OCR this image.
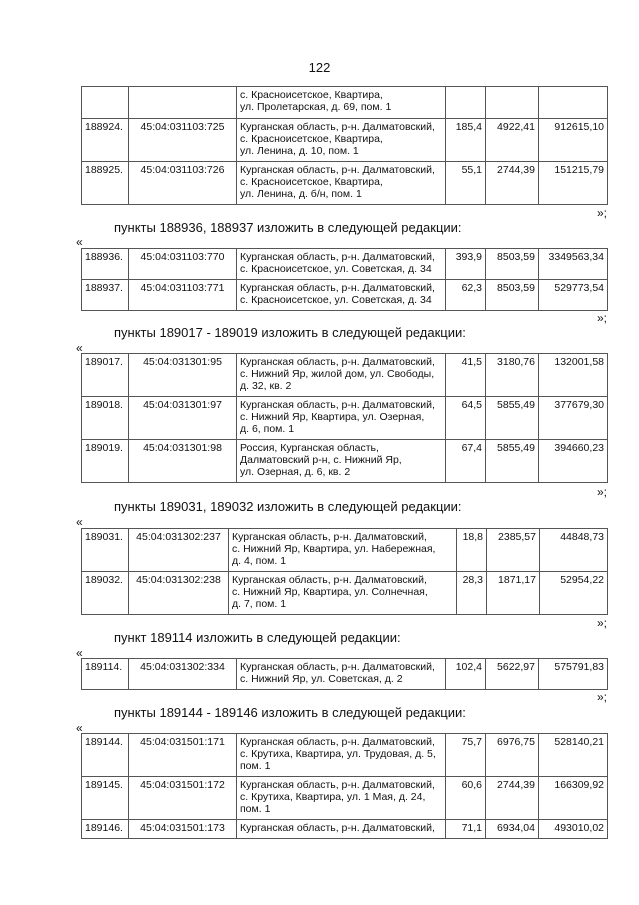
122
		с. Красноисетское, Квартира,
ул. Пролетарская, д. 69, пом. 1			
188924.	45:04:031103:725	Курганская область, р-н. Далматовский,
с. Красноисетское, Квартира,
ул. Ленина, д. 10, пом. 1	185,4	4922,41	912615,10
188925.	45:04:031103:726	Курганская область, р-н. Далматовский,
с. Красноисетское, Квартира,
ул. Ленина, д. б/н, пом. 1	55,1	2744,39	151215,79
»;
пункты 188936, 188937 изложить в следующей редакции:
«
188936.	45:04:031103:770	Курганская область, р-н. Далматовский,
с. Красноисетское, ул. Советская, д. 34	393,9	8503,59	3349563,34
188937.	45:04:031103:771	Курганская область, р-н. Далматовский,
с. Красноисетское, ул. Советская, д. 34	62,3	8503,59	529773,54
»;
пункты 189017 - 189019 изложить в следующей редакции:
«
189017.	45:04:031301:95	Курганская область, р-н. Далматовский,
с. Нижний Яр, жилой дом, ул. Свободы,
д. 32, кв. 2	41,5	3180,76	132001,58
189018.	45:04:031301:97	Курганская область, р-н. Далматовский,
с. Нижний Яр, Квартира, ул. Озерная,
д. 6, пом. 1	64,5	5855,49	377679,30
189019.	45:04:031301:98	Россия, Курганская область,
Далматовский р-н, с. Нижний Яр,
ул. Озерная, д. 6, кв. 2	67,4	5855,49	394660,23
»;
пункты 189031, 189032 изложить в следующей редакции:
«
189031.	45:04:031302:237	Курганская область, р-н. Далматовский,
с. Нижний Яр, Квартира, ул. Набережная,
д. 4, пом. 1	18,8	2385,57	44848,73
189032.	45:04:031302:238	Курганская область, р-н. Далматовский,
с. Нижний Яр, Квартира, ул. Солнечная,
д. 7, пом. 1	28,3	1871,17	52954,22
»;
пункт 189114 изложить в следующей редакции:
«
189114.	45:04:031302:334	Курганская область, р-н. Далматовский,
с. Нижний Яр, ул. Советская, д. 2	102,4	5622,97	575791,83
»;
пункты 189144 - 189146 изложить в следующей редакции:
«
189144.	45:04:031501:171	Курганская область, р-н. Далматовский,
с. Крутиха, Квартира, ул. Трудовая, д. 5,
пом. 1	75,7	6976,75	528140,21
189145.	45:04:031501:172	Курганская область, р-н. Далматовский,
с. Крутиха, Квартира, ул. 1 Мая, д. 24,
пом. 1	60,6	2744,39	166309,92
189146.	45:04:031501:173	Курганская область, р-н. Далматовский,	71,1	6934,04	493010,02
